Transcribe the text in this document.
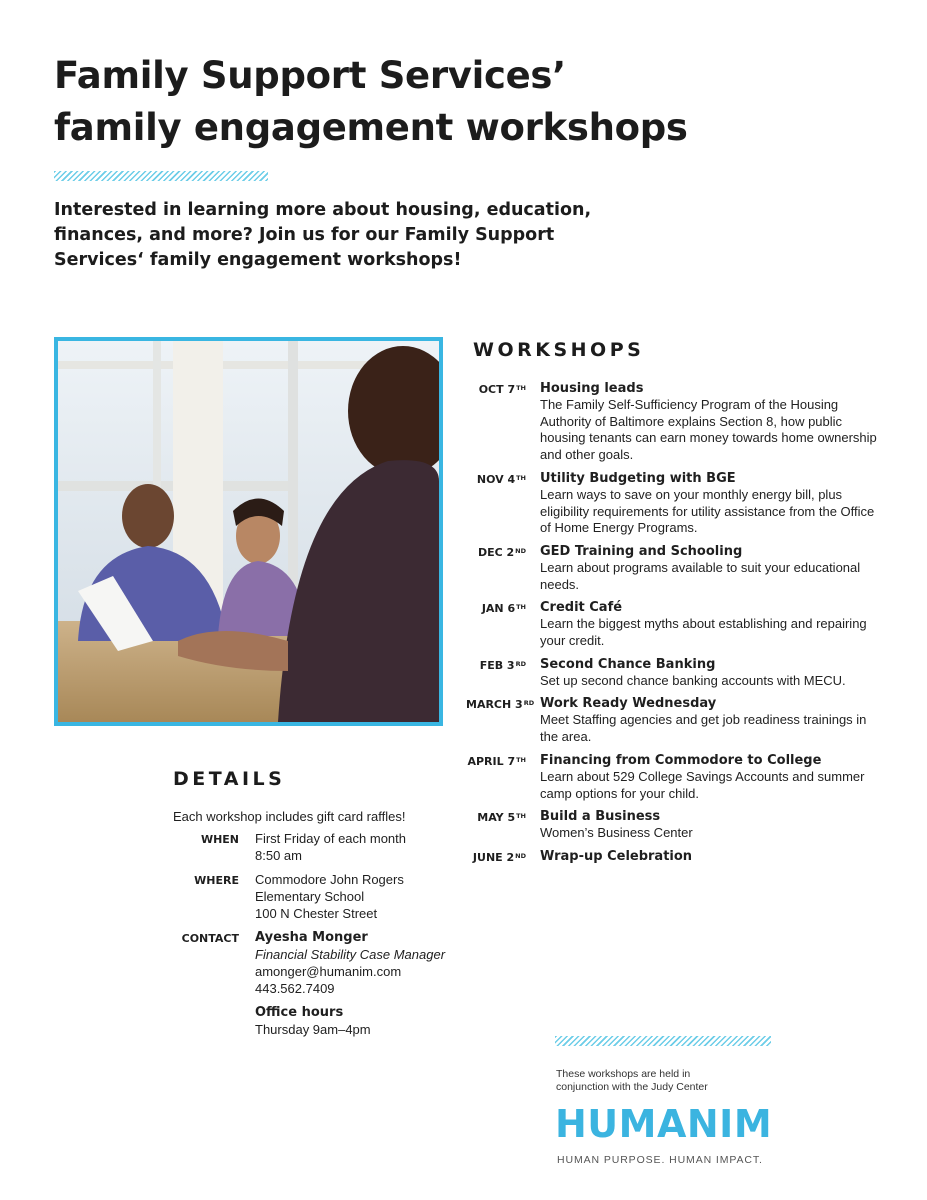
Family Support Services’
family engagement workshops
Interested in learning more about housing, education,
finances, and more? Join us for our Family Support
Services‘ family engagement workshops!
WORKSHOPS
OCT 7TH	Housing leads
The Family Self-Sufficiency Program of the Housing Authority of Baltimore explains Section 8, how public housing tenants can earn money towards home ownership and other goals.
NOV 4TH	Utility Budgeting with BGE
Learn ways to save on your monthly energy bill, plus eligibility requirements for utility assistance from the Office of Home Energy Programs.
DEC 2ND	GED Training and Schooling
Learn about programs available to suit your educational needs.
JAN 6TH	Credit Café
Learn the biggest myths about establishing and repairing your credit.
FEB 3RD	Second Chance Banking
Set up second chance banking accounts with MECU.
MARCH 3RD Work Ready Wednesday
Meet Staffing agencies and get job readiness trainings in the area.
APRIL 7TH	Financing from Commodore to College
Learn about 529 College Savings Accounts and summer camp options for your child.
MAY 5TH	Build a Business
Women’s Business Center
JUNE 2ND	Wrap-up Celebration
DETAILS
Each workshop includes gift card raffles!
WHEN	First Friday of each month
8:50 am
WHERE	Commodore John Rogers
Elementary School
100 N Chester Street
CONTACT	Ayesha Monger
Financial Stability Case Manager
amonger@humanim.com
443.562.7409
Office hours
Thursday 9am–4pm
These workshops are held in
conjunction with the Judy Center
HUMANIM
HUMAN PURPOSE. HUMAN IMPACT.
